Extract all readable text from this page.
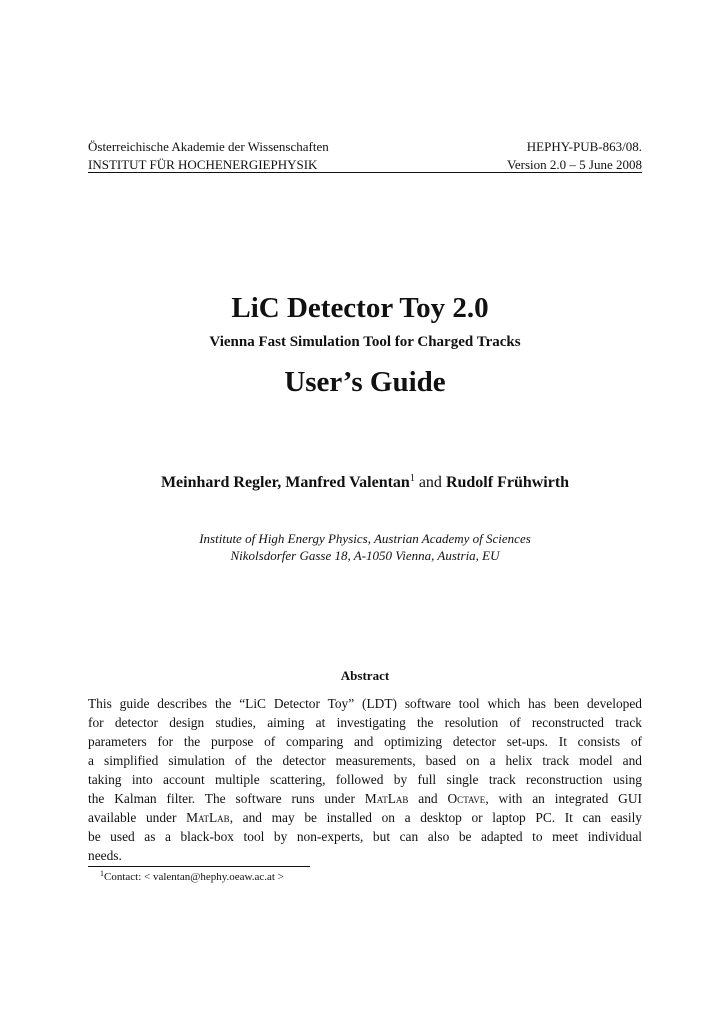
Österreichische Akademie der Wissenschaften	HEPHY-PUB-863/08.
INSTITUT FÜR HOCHENERGIEPHYSIK	Version 2.0 – 5 June 2008
LiC Detector Toy 2.0
Vienna Fast Simulation Tool for Charged Tracks
User’s Guide
Meinhard Regler, Manfred Valentan$^1$ and Rudolf Frühwirth
Institute of High Energy Physics, Austrian Academy of Sciences
Nikolsdorfer Gasse 18, A-1050 Vienna, Austria, EU
Abstract
This guide describes the “LiC Detector Toy” (LDT) software tool which has been developed
for detector design studies, aiming at investigating the resolution of reconstructed track
parameters for the purpose of comparing and optimizing detector set-ups. It consists of
a simplified simulation of the detector measurements, based on a helix track model and
taking into account multiple scattering, followed by full single track reconstruction using
the Kalman filter. The software runs under MatLab and Octave, with an integrated GUI
available under MatLab, and may be installed on a desktop or laptop PC. It can easily
be used as a black-box tool by non-experts, but can also be adapted to meet individual
needs.
$^1$Contact: < valentan@hephy.oeaw.ac.at >
